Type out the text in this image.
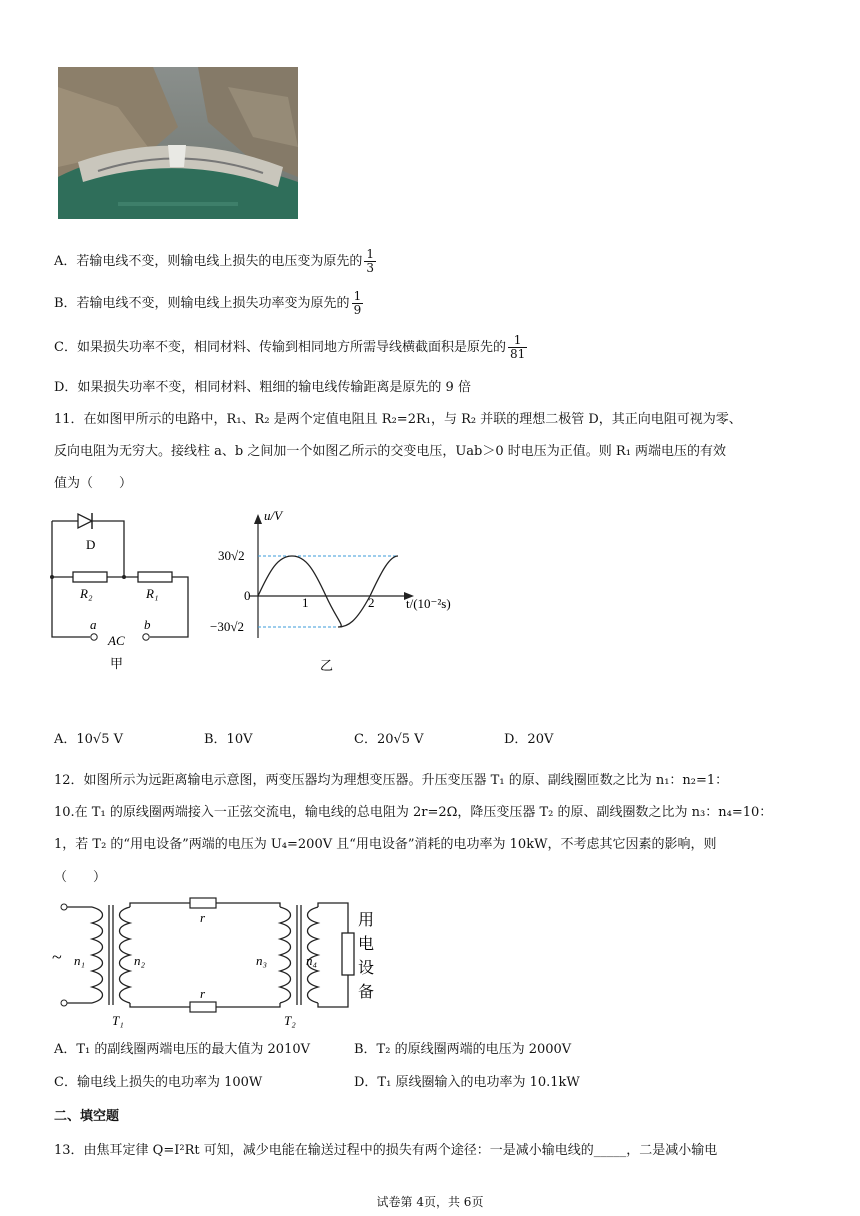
A．若输电线不变，则输电线上损失的电压变为原先的 $\frac{1}{3}$
B．若输电线不变，则输电线上损失功率变为原先的 $\frac{1}{9}$
C．如果损失功率不变，相同材料、传输到相同地方所需导线横截面积是原先的 $\frac{1}{81}$
D．如果损失功率不变，相同材料、粗细的输电线传输距离是原先的 9 倍
11．在如图甲所示的电路中，R₁、R₂ 是两个定值电阻且 R₂=2R₁，与 R₂ 并联的理想二极管 D，其正向电阻可视为零、
反向电阻为无穷大。接线柱 a、b 之间加一个如图乙所示的交变电压，Uab＞0 时电压为正值。则 R₁ 两端电压的有效
值为（　　）
D
R₂	R₁
a	b
AC
甲
u/V
30√2
0
−30√2
1	2 t/(10⁻²s)
乙
A．10√5 V	B．10V	C．20√5 V	D．20V
12．如图所示为远距离输电示意图，两变压器均为理想变压器。升压变压器 T₁ 的原、副线圈匝数之比为 n₁：n₂=1：
10.在 T₁ 的原线圈两端接入一正弦交流电，输电线的总电阻为 2r=2Ω，降压变压器 T₂ 的原、副线圈数之比为 n₃：n₄=10：
1，若 T₂ 的“用电设备”两端的电压为 U₄=200V 且“用电设备”消耗的电功率为 10kW，不考虑其它因素的影响，则
（　　）
r
r
~ n₁	n₂	n₃	n₄
T₁	T₂
用
电
设
备
A．T₁ 的副线圈两端电压的最大值为 2010V	B．T₂ 的原线圈两端的电压为 2000V
C．输电线上损失的电功率为 100W	D．T₁ 原线圈输入的电功率为 10.1kW
二、填空题
13．由焦耳定律 Q=I²Rt 可知，减少电能在输送过程中的损失有两个途径：一是减小输电线的_____，二是减小输电
试卷第 4页，共 6页
